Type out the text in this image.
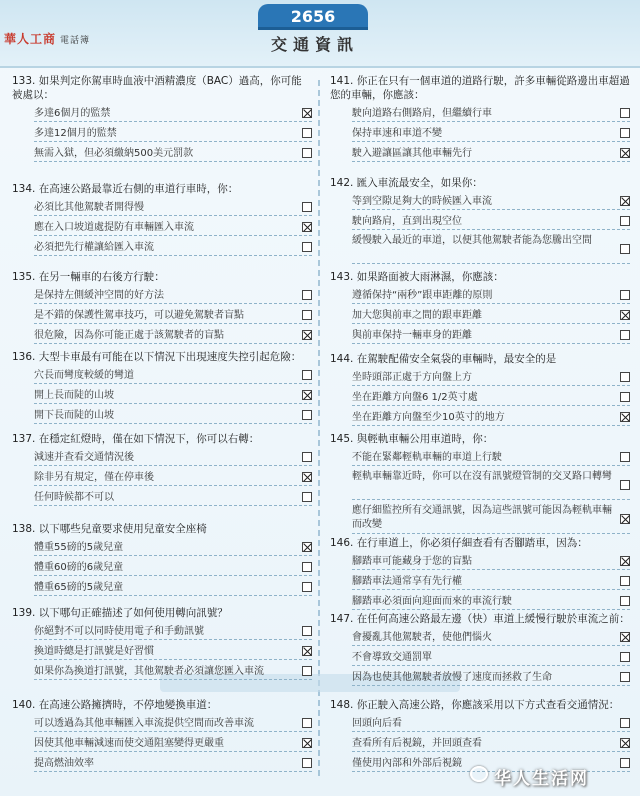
華人工商 電話簿
2656
交通資訊
133. 如果判定你駕車時血液中酒精濃度（BAC）過高，你可能被處以：
多達6個月的監禁
多達12個月的監禁
無需入獄，但必須繳納500美元罰款
134. 在高速公路最靠近右側的車道行車時，你：
必須比其他駕駛者開得慢
應在入口坡道處提防有車輛匯入車流
必須把先行權讓給匯入車流
135. 在另一輛車的右後方行駛：
是保持左側緩沖空間的好方法
是不錯的保護性駕車技巧，可以避免駕駛者盲點
很危險，因為你可能正處于該駕駛者的盲點
136. 大型卡車最有可能在以下情況下出現速度失控引起危險：
穴長而彎度較緩的彎道
開上長而陡的山坡
開下長而陡的山坡
137. 在穩定紅燈時，僅在如下情況下，你可以右轉：
減速并查看交通情況後
除非另有規定，僅在停車後
任何時候都不可以
138. 以下哪些兒童要求使用兒童安全座椅
體重55磅的5歲兒童
體重60磅的6歲兒童
體重65磅的5歲兒童
139. 以下哪句正確描述了如何使用轉向訊號？
你絕對不可以同時使用電子和手動訊號
換道時總是打訊號是好習慣
如果你為換道打訊號，其他駕駛者必須讓您匯入車流
140. 在高速公路擁擠時，不停地變換車道：
可以透過為其他車輛匯入車流提供空間而改善車流
因使其他車輛減速而使交通阻塞變得更嚴重
提高燃油效率
141. 你正在只有一個車道的道路行駛，許多車輛從路邊出車超過您的車輛，你應該：
駛向道路右側路肩，但繼續行車
保持車速和車道不變
駛入避讓區讓其他車輛先行
142. 匯入車流最安全，如果你：
等到空隙足夠大的時候匯入車流
駛向路肩，直到出現空位
緩慢駛入最近的車道，以便其他駕駛者能為您騰出空間
143. 如果路面被大雨淋濕，你應該：
遵循保持“兩秒”跟車距離的原則
加大您與前車之間的跟車距離
與前車保持一輛車身的距離
144. 在駕駛配備安全氣袋的車輛時，最安全的是
坐時頭部正處于方向盤上方
坐在距離方向盤6 1/2英寸處
坐在距離方向盤至少10英寸的地方
145. 與輕軌車輛公用車道時，你：
不能在緊鄰輕軌車輛的車道上行駛
輕軌車輛靠近時，你可以在沒有訊號燈管制的交叉路口轉彎
應仔細監控所有交通訊號，因為這些訊號可能因為輕軌車輛而改變
146. 在行車道上，你必須仔細查看有否腳踏車，因為：
腳踏車可能藏身于您的盲點
腳踏車法通常享有先行權
腳踏車必須面向迎面而來的車流行駛
147. 在任何高速公路最左邊（快）車道上緩慢行駛於車流之前：
會擾亂其他駕駛者，使他們惱火
不會導致交通罰單
因為也使其他駕駛者放慢了速度而拯救了生命
148. 你正駛入高速公路，你應該采用以下方式查看交通情況：
回頭向后看
查看所有后視鏡，并回頭查看
僅使用內部和外部后視鏡
华人生活网
